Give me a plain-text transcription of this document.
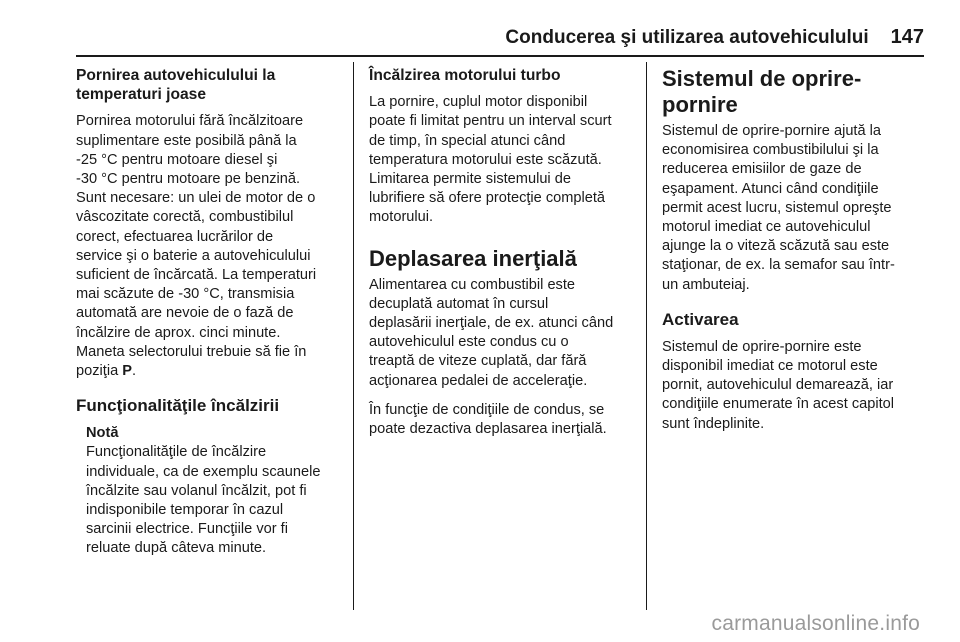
Conducerea şi utilizarea autovehiculului 147
Pornirea autovehiculului la
temperaturi joase

Pornirea motorului fără încălzitoare
suplimentare este posibilă până la
-25 °C pentru motoare diesel şi
-30 °C pentru motoare pe benzină.
Sunt necesare: un ulei de motor de o
vâscozitate corectă, combustibilul
corect, efectuarea lucrărilor de
service şi o baterie a autovehiculului
suficient de încărcată. La temperaturi
mai scăzute de -30 °C, transmisia
automată are nevoie de o fază de
încălzire de aprox. cinci minute.
Maneta selectorului trebuie să fie în
poziţia P.

Funcţionalităţile încălzirii
Notă

Funcţionalităţile de încălzire
individuale, ca de exemplu scaunele
încălzite sau volanul încălzit, pot fi
indisponibile temporar în cazul
sarcinii electrice. Funcţiile vor fi
reluate după câteva minute.

Încălzirea motorului turbo

La pornire, cuplul motor disponibil
poate fi limitat pentru un interval scurt
de timp, în special atunci când
temperatura motorului este scăzută.
Limitarea permite sistemului de
lubrifiere să ofere protecţie completă
motorului.

Deplasarea inerţială

Alimentarea cu combustibil este
decuplată automat în cursul
deplasării inerţiale, de ex. atunci când
autovehiculul este condus cu o
treaptă de viteze cuplată, dar fără
acţionarea pedalei de acceleraţie.

În funcţie de condiţiile de condus, se
poate dezactiva deplasarea inerţială.

Sistemul de oprire-pornire

Sistemul de oprire-pornire ajută la
economisirea combustibilului şi la
reducerea emisiilor de gaze de
eşapament. Atunci când condiţiile
permit acest lucru, sistemul opreşte
motorul imediat ce autovehiculul
ajunge la o viteză scăzută sau este
staţionar, de ex. la semafor sau într-
un ambuteiaj.

Activarea

Sistemul de oprire-pornire este
disponibil imediat ce motorul este
pornit, autovehiculul demarează, iar
condiţiile enumerate în acest capitol
sunt îndeplinite.

carmanualsonline.info
